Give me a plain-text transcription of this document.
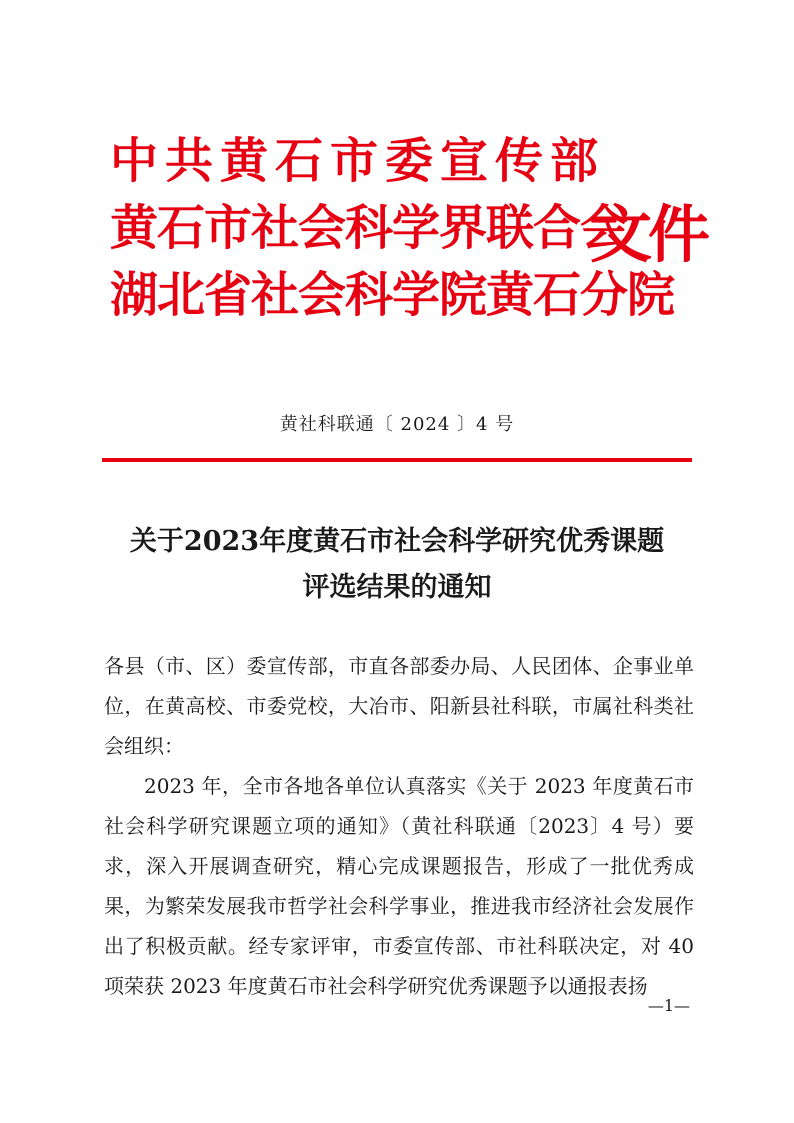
中共黄石市委宣传部
黄石市社会科学界联合会
湖北省社会科学院黄石分院
文件
黄社科联通〔 2024 〕4 号
关于2023年度黄石市社会科学研究优秀课题
评选结果的通知

各县（市、区）委宣传部，市直各部委办局、人民团体、企事业单位，在黄高校、市委党校，大冶市、阳新县社科联，市属社科类社会组织：

2023 年，全市各地各单位认真落实《关于 2023 年度黄石市社会科学研究课题立项的通知》（黄社科联通〔2023〕4 号）要求，深入开展调查研究，精心完成课题报告，形成了一批优秀成果，为繁荣发展我市哲学社会科学事业，推进我市经济社会发展作出了积极贡献。经专家评审，市委宣传部、市社科联决定，对 40 项荣获 2023 年度黄石市社会科学研究优秀课题予以通报表扬

—1—
